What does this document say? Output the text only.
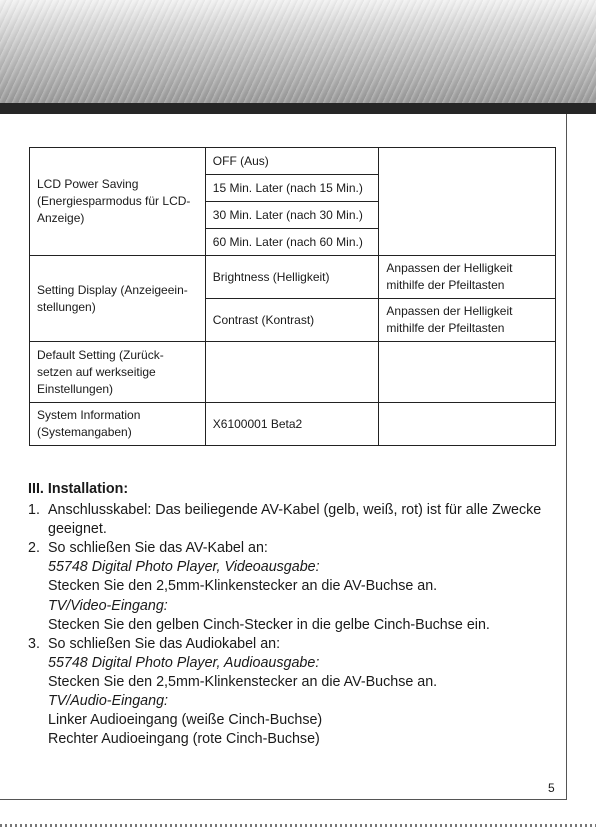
LCD Power Saving (Energiesparmodus für LCD-Anzeige)	OFF (Aus)	
	15 Min. Later (nach 15 Min.)	
	30 Min. Later (nach 30 Min.)	
	60 Min. Later (nach 60 Min.)	
Setting Display (Anzeigeein-stellungen)	Brightness (Helligkeit)	Anpassen der Helligkeit mithilfe der Pfeiltasten
	Contrast (Kontrast)	Anpassen der Helligkeit mithilfe der Pfeiltasten
Default Setting (Zurück-setzen auf werkseitige Einstellungen)		
System Information (Systemangaben)	X6100001 Beta2	
III. Installation:
1. Anschlusskabel: Das beiliegende AV-Kabel (gelb, weiß, rot) ist für alle Zwecke geeignet.
2. So schließen Sie das AV-Kabel an:
55748 Digital Photo Player, Videoausgabe:
Stecken Sie den 2,5mm-Klinkenstecker an die AV-Buchse an.
TV/Video-Eingang:
Stecken Sie den gelben Cinch-Stecker in die gelbe Cinch-Buchse ein.
3. So schließen Sie das Audiokabel an:
55748 Digital Photo Player, Audioausgabe:
Stecken Sie den 2,5mm-Klinkenstecker an die AV-Buchse an.
TV/Audio-Eingang:
Linker Audioeingang (weiße Cinch-Buchse)
Rechter Audioeingang (rote Cinch-Buchse)
5
